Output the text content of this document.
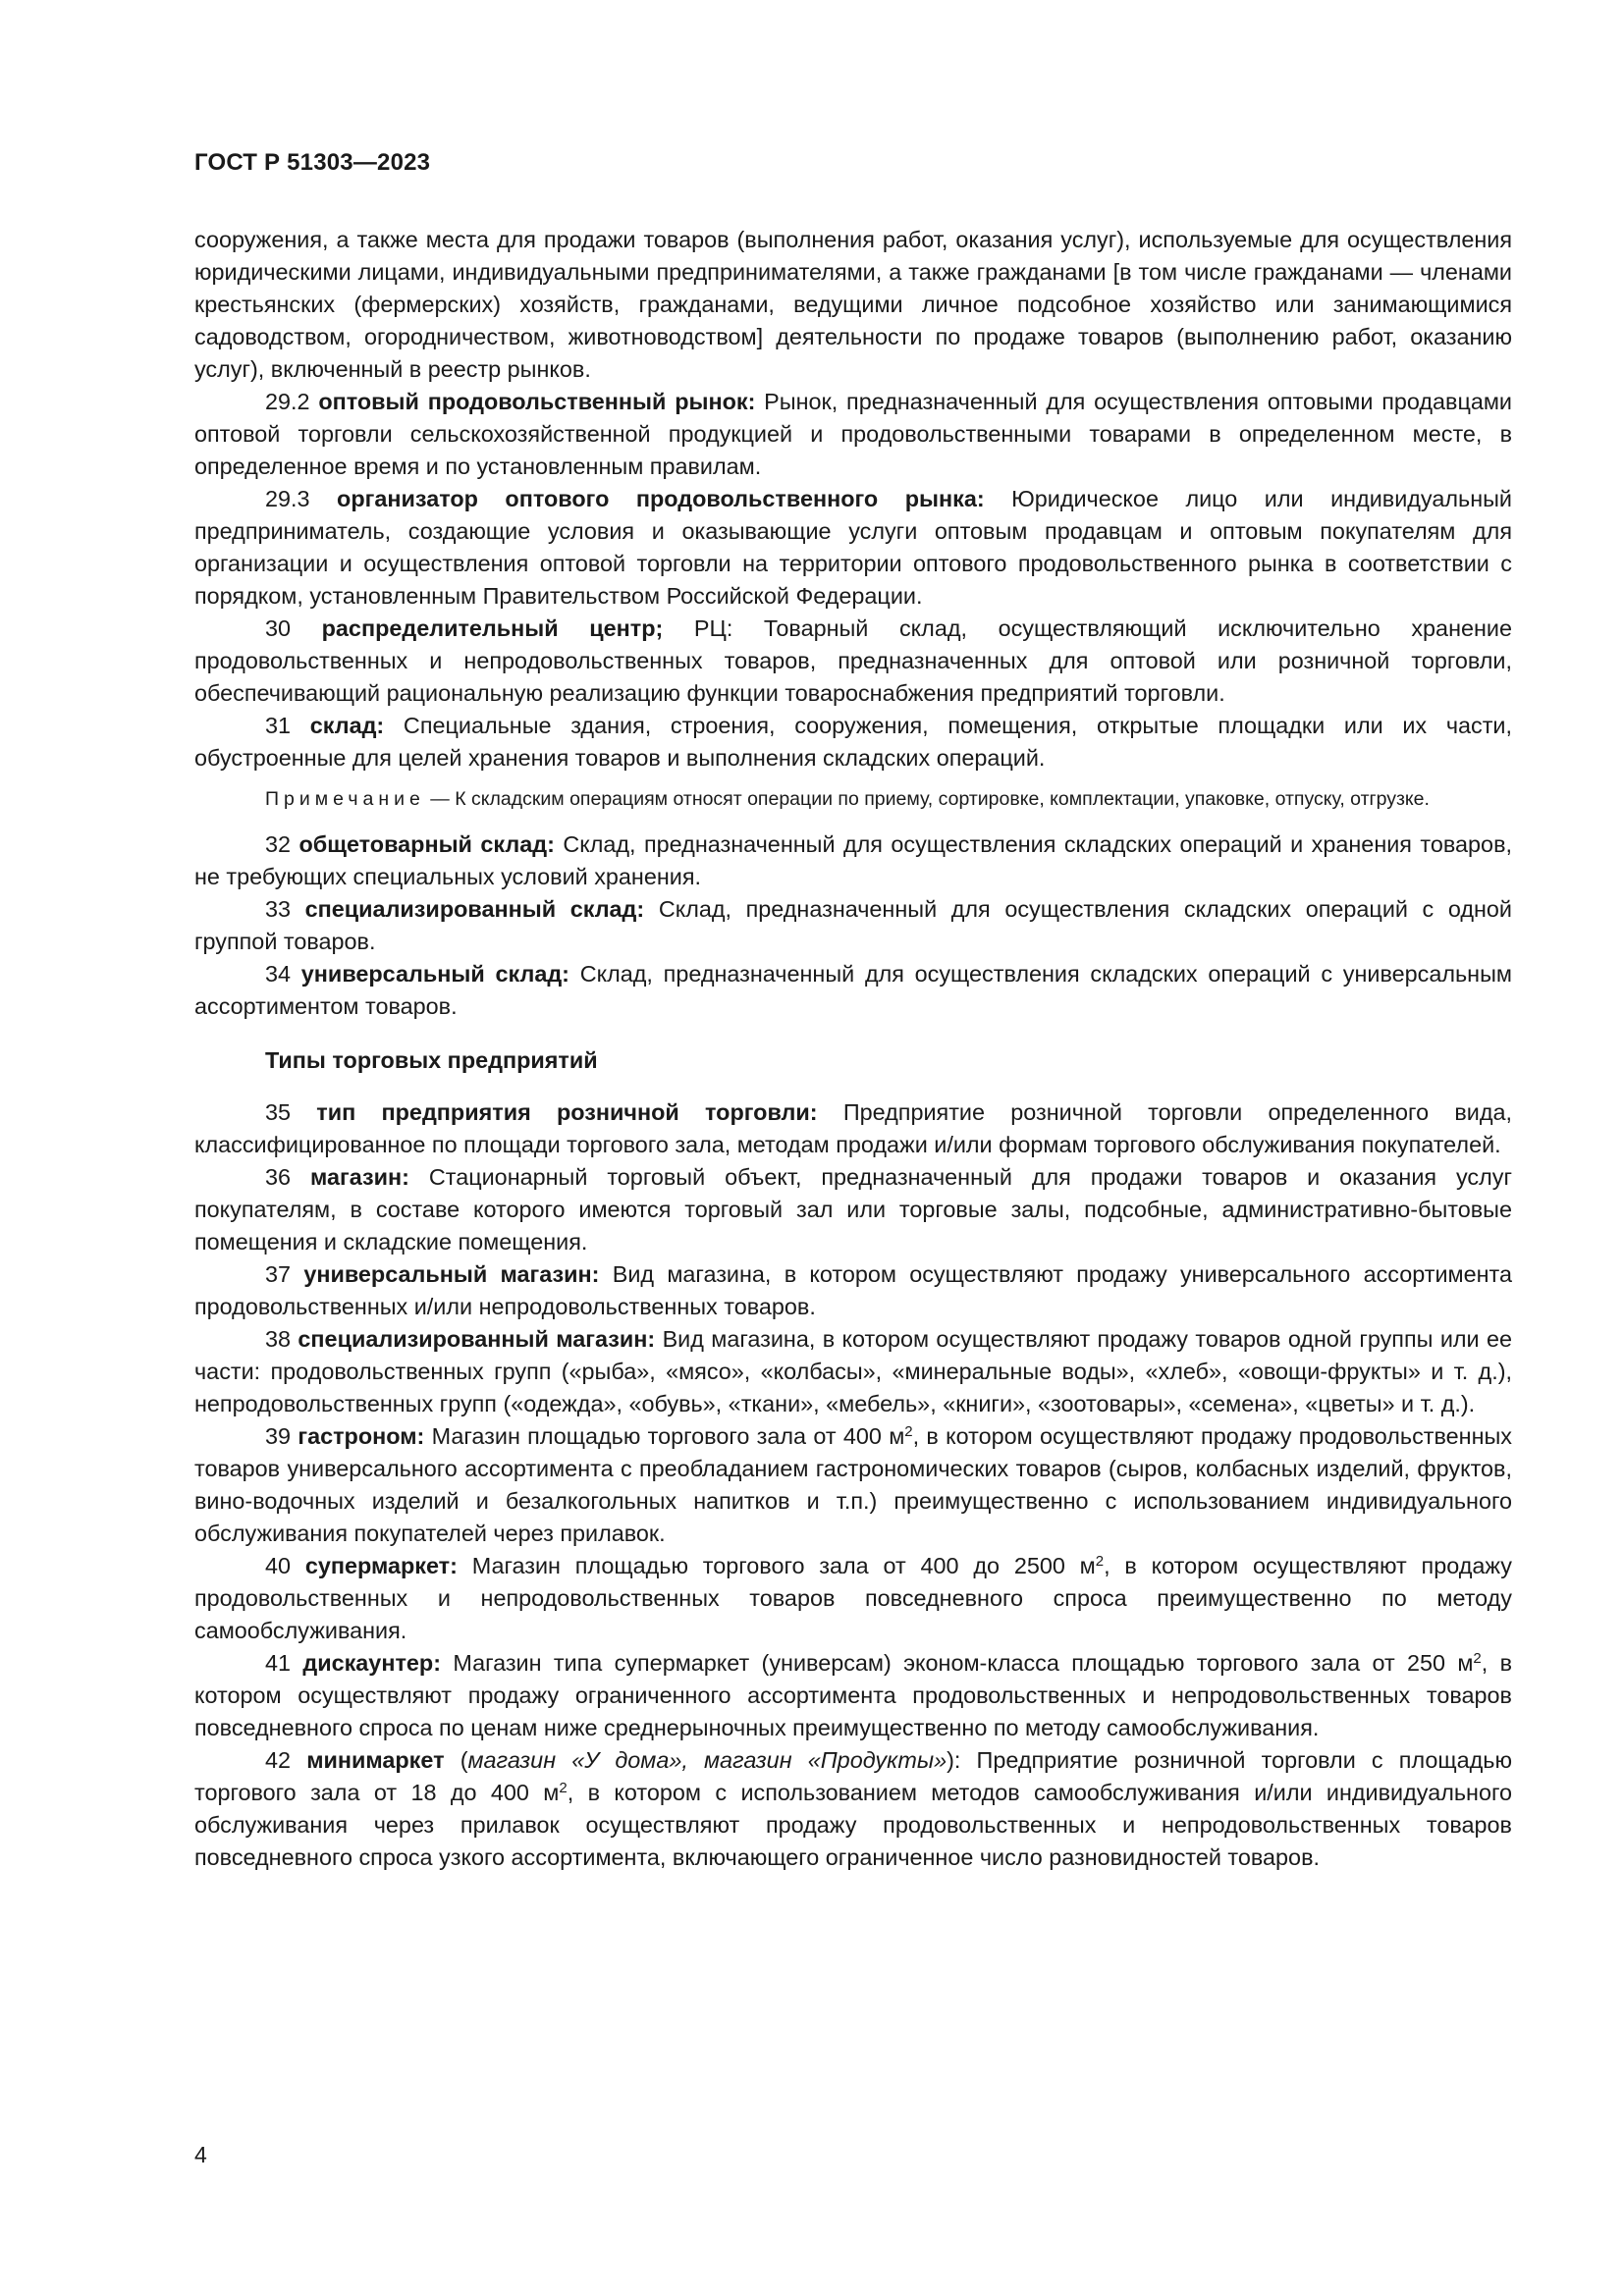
ГОСТ Р 51303—2023

сооружения, а также места для продажи товаров (выполнения работ, оказания услуг), используемые для осуществления юридическими лицами, индивидуальными предпринимателями, а также гражданами [в том числе гражданами — членами крестьянских (фермерских) хозяйств, гражданами, ведущими личное подсобное хозяйство или занимающимися садоводством, огородничеством, животноводством] деятельности по продаже товаров (выполнению работ, оказанию услуг), включенный в реестр рынков.

29.2 оптовый продовольственный рынок: Рынок, предназначенный для осуществления оптовыми продавцами оптовой торговли сельскохозяйственной продукцией и продовольственными товарами в определенном месте, в определенное время и по установленным правилам.

29.3 организатор оптового продовольственного рынка: Юридическое лицо или индивидуальный предприниматель, создающие условия и оказывающие услуги оптовым продавцам и оптовым покупателям для организации и осуществления оптовой торговли на территории оптового продовольственного рынка в соответствии с порядком, установленным Правительством Российской Федерации.

30 распределительный центр; РЦ: Товарный склад, осуществляющий исключительно хранение продовольственных и непродовольственных товаров, предназначенных для оптовой или розничной торговли, обеспечивающий рациональную реализацию функции товароснабжения предприятий торговли.

31 склад: Специальные здания, строения, сооружения, помещения, открытые площадки или их части, обустроенные для целей хранения товаров и выполнения складских операций.

Примечание — К складским операциям относят операции по приему, сортировке, комплектации, упаковке, отпуску, отгрузке.

32 общетоварный склад: Склад, предназначенный для осуществления складских операций и хранения товаров, не требующих специальных условий хранения.

33 специализированный склад: Склад, предназначенный для осуществления складских операций с одной группой товаров.

34 универсальный склад: Склад, предназначенный для осуществления складских операций с универсальным ассортиментом товаров.

Типы торговых предприятий

35 тип предприятия розничной торговли: Предприятие розничной торговли определенного вида, классифицированное по площади торгового зала, методам продажи и/или формам торгового обслуживания покупателей.

36 магазин: Стационарный торговый объект, предназначенный для продажи товаров и оказания услуг покупателям, в составе которого имеются торговый зал или торговые залы, подсобные, административно-бытовые помещения и складские помещения.

37 универсальный магазин: Вид магазина, в котором осуществляют продажу универсального ассортимента продовольственных и/или непродовольственных товаров.

38 специализированный магазин: Вид магазина, в котором осуществляют продажу товаров одной группы или ее части: продовольственных групп («рыба», «мясо», «колбасы», «минеральные воды», «хлеб», «овощи-фрукты» и т. д.), непродовольственных групп («одежда», «обувь», «ткани», «мебель», «книги», «зоотовары», «семена», «цветы» и т. д.).

39 гастроном: Магазин площадью торгового зала от 400 $м^2$, в котором осуществляют продажу продовольственных товаров универсального ассортимента с преобладанием гастрономических товаров (сыров, колбасных изделий, фруктов, вино-водочных изделий и безалкогольных напитков и т.п.) преимущественно с использованием индивидуального обслуживания покупателей через прилавок.

40 супермаркет: Магазин площадью торгового зала от 400 до 2500 $м^2$, в котором осуществляют продажу продовольственных и непродовольственных товаров повседневного спроса преимущественно по методу самообслуживания.

41 дискаунтер: Магазин типа супермаркет (универсам) эконом-класса площадью торгового зала от 250 $м^2$, в котором осуществляют продажу ограниченного ассортимента продовольственных и непродовольственных товаров повседневного спроса по ценам ниже среднерыночных преимущественно по методу самообслуживания.

42 минимаркет (магазин «У дома», магазин «Продукты»): Предприятие розничной торговли с площадью торгового зала от 18 до 400 $м^2$, в котором с использованием методов самообслуживания и/или индивидуального обслуживания через прилавок осуществляют продажу продовольственных и непродовольственных товаров повседневного спроса узкого ассортимента, включающего ограниченное число разновидностей товаров.

4
